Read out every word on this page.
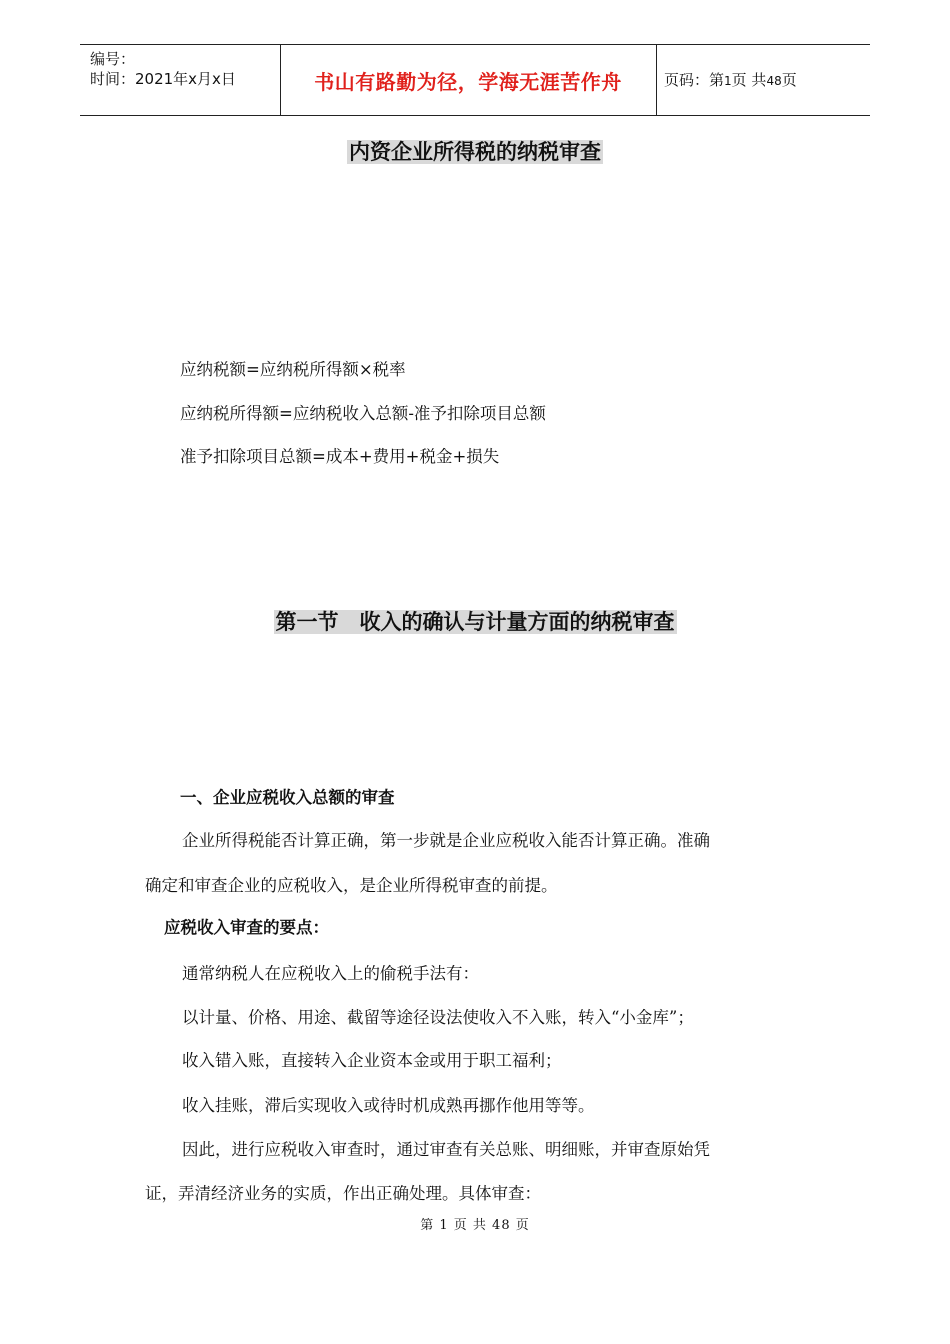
编号：
时间：2021年x月x日	书山有路勤为径，学海无涯苦作舟	页码：第1页 共48页
内资企业所得税的纳税审查
应纳税额=应纳税所得额×税率
应纳税所得额=应纳税收入总额-准予扣除项目总额
准予扣除项目总额=成本+费用+税金+损失
第一节　收入的确认与计量方面的纳税审查
一、企业应税收入总额的审查
企业所得税能否计算正确，第一步就是企业应税收入能否计算正确。准确
确定和审查企业的应税收入，是企业所得税审查的前提。
应税收入审查的要点：
通常纳税人在应税收入上的偷税手法有：
以计量、价格、用途、截留等途径设法使收入不入账，转入“小金库”；
收入错入账，直接转入企业资本金或用于职工福利；
收入挂账，滞后实现收入或待时机成熟再挪作他用等等。
因此，进行应税收入审查时，通过审查有关总账、明细账，并审查原始凭
证，弄清经济业务的实质，作出正确处理。具体审查：
第 1 页 共 48 页
